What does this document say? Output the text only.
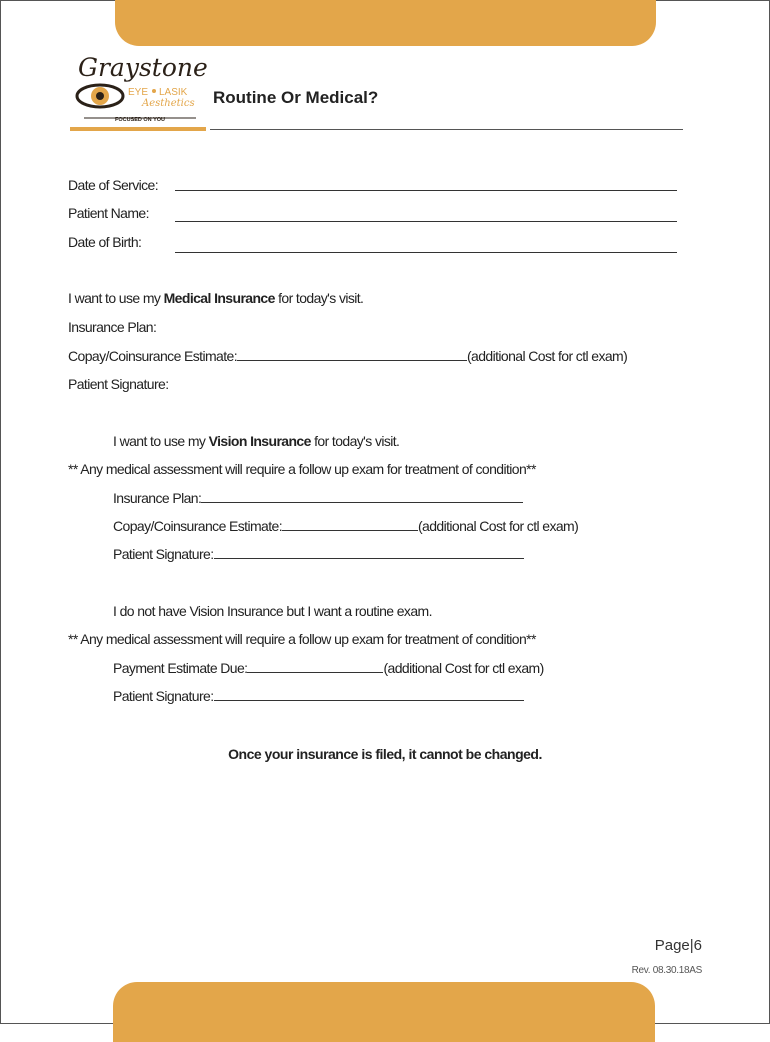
Graystone
EYE LASIK
Aesthetics
FOCUSED ON YOU
Routine Or Medical?
Date of Service:
Patient Name:
Date of Birth:
I want to use my Medical Insurance for today's visit.
Insurance Plan:
Copay/Coinsurance Estimate:	(additional Cost for ctl exam)
Patient Signature:
I want to use my Vision Insurance for today's visit.
** Any medical assessment will require a follow up exam for treatment of condition**
Insurance Plan:
Copay/Coinsurance Estimate:	(additional Cost for ctl exam)
Patient Signature:
I do not have Vision Insurance but I want a routine exam.
** Any medical assessment will require a follow up exam for treatment of condition**
Payment Estimate Due:	(additional Cost for ctl exam)
Patient Signature:
Once your insurance is filed, it cannot be changed.
Page|6
Rev. 08.30.18AS
